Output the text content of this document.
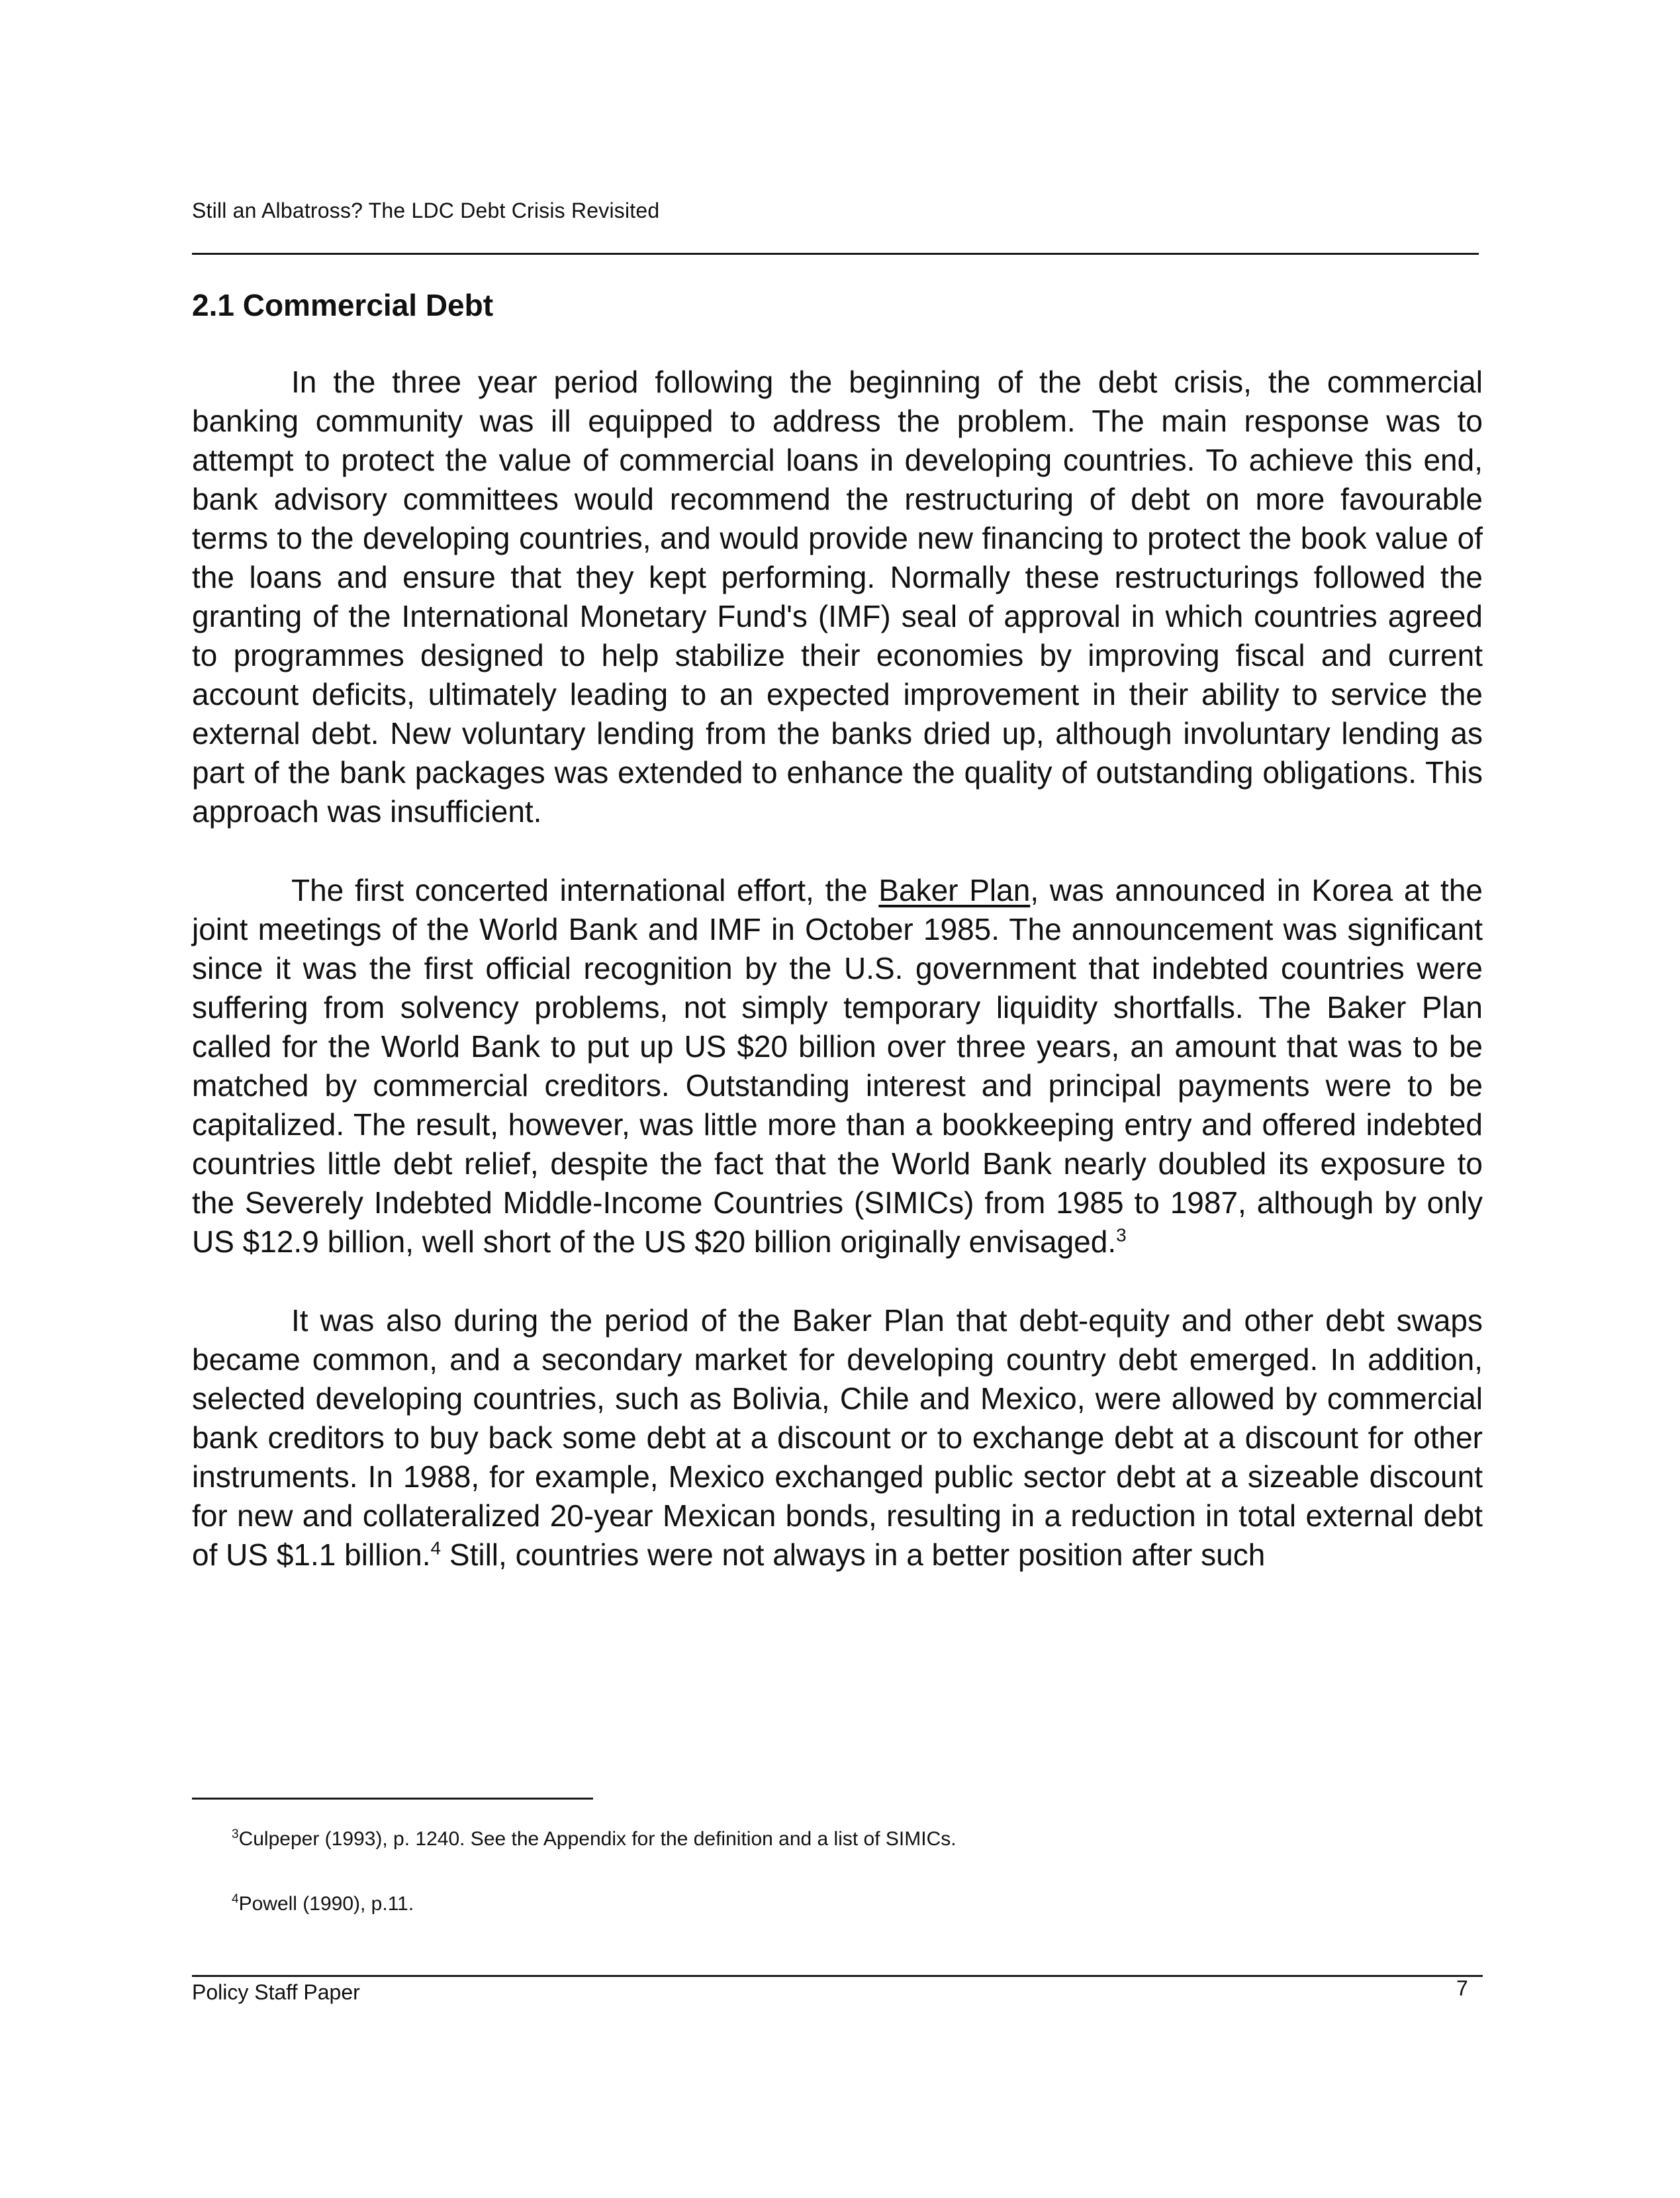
Still an Albatross? The LDC Debt Crisis Revisited
2.1 Commercial Debt

In the three year period following the beginning of the debt crisis, the commercial banking community was ill equipped to address the problem. The main response was to attempt to protect the value of commercial loans in developing countries. To achieve this end, bank advisory committees would recommend the restructuring of debt on more favourable terms to the developing countries, and would provide new financing to protect the book value of the loans and ensure that they kept performing. Normally these restructurings followed the granting of the International Monetary Fund's (IMF) seal of approval in which countries agreed to programmes designed to help stabilize their economies by improving fiscal and current account deficits, ultimately leading to an expected improvement in their ability to service the external debt. New voluntary lending from the banks dried up, although involuntary lending as part of the bank packages was extended to enhance the quality of outstanding obligations. This approach was insufficient.

The first concerted international effort, the Baker Plan, was announced in Korea at the joint meetings of the World Bank and IMF in October 1985. The announcement was significant since it was the first official recognition by the U.S. government that indebted countries were suffering from solvency problems, not simply temporary liquidity shortfalls. The Baker Plan called for the World Bank to put up US $20 billion over three years, an amount that was to be matched by commercial creditors. Outstanding interest and principal payments were to be capitalized. The result, however, was little more than a bookkeeping entry and offered indebted countries little debt relief, despite the fact that the World Bank nearly doubled its exposure to the Severely Indebted Middle-Income Countries (SIMICs) from 1985 to 1987, although by only US $12.9 billion, well short of the US $20 billion originally envisaged.$^3$

It was also during the period of the Baker Plan that debt-equity and other debt swaps became common, and a secondary market for developing country debt emerged. In addition, selected developing countries, such as Bolivia, Chile and Mexico, were allowed by commercial bank creditors to buy back some debt at a discount or to exchange debt at a discount for other instruments. In 1988, for example, Mexico exchanged public sector debt at a sizeable discount for new and collateralized 20-year Mexican bonds, resulting in a reduction in total external debt of US $1.1 billion.$^4$ Still, countries were not always in a better position after such

$^3$Culpeper (1993), p. 1240. See the Appendix for the definition and a list of SIMICs.

$^4$Powell (1990), p.11.

Policy Staff Paper	7
